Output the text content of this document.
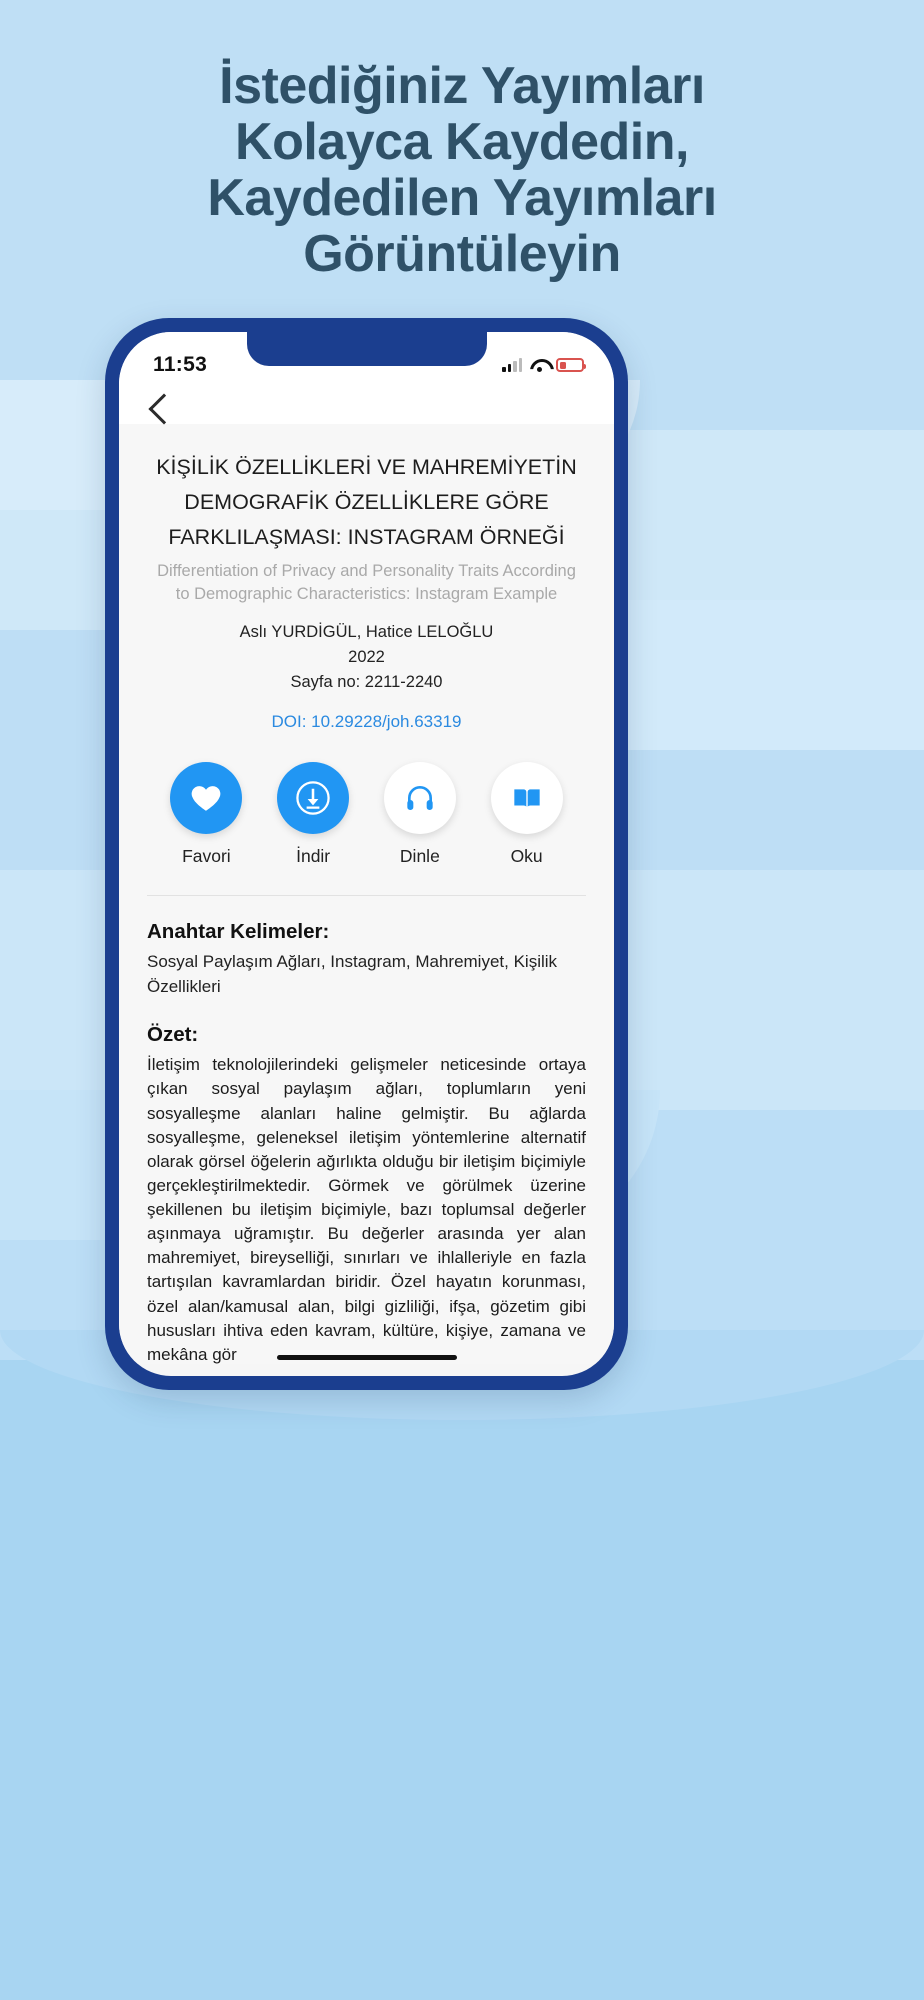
İstediğiniz Yayımları
Kolayca Kaydedin,
Kaydedilen Yayımları
Görüntüleyin
11:53
KİŞİLİK ÖZELLİKLERİ VE MAHREMİYETİN DEMOGRAFİK ÖZELLİKLERE GÖRE FARKLILAŞMASI: INSTAGRAM ÖRNEĞİ
Differentiation of Privacy and Personality Traits According to Demographic Characteristics: Instagram Example
Aslı YURDİGÜL, Hatice LELOĞLU
2022
Sayfa no: 2211-2240
DOI: 10.29228/joh.63319
Favori	İndir	Dinle	Oku
Anahtar Kelimeler:

Sosyal Paylaşım Ağları, Instagram, Mahremiyet, Kişilik Özellikleri

Özet:

İletişim teknolojilerindeki gelişmeler neticesinde ortaya çıkan sosyal paylaşım ağları, toplumların yeni sosyalleşme alanları haline gelmiştir. Bu ağlarda sosyalleşme, geleneksel iletişim yöntemlerine alternatif olarak görsel öğelerin ağırlıkta olduğu bir iletişim biçimiyle gerçekleştirilmektedir. Görmek ve görülmek üzerine şekillenen bu iletişim biçimiyle, bazı toplumsal değerler aşınmaya uğramıştır. Bu değerler arasında yer alan mahremiyet, bireyselliği, sınırları ve ihlalleriyle en fazla tartışılan kavramlardan biridir. Özel hayatın korunması, özel alan/kamusal alan, bilgi gizliliği, ifşa, gözetim gibi hususları ihtiva eden kavram, kültüre, kişiye, zamana ve mekâna gör
